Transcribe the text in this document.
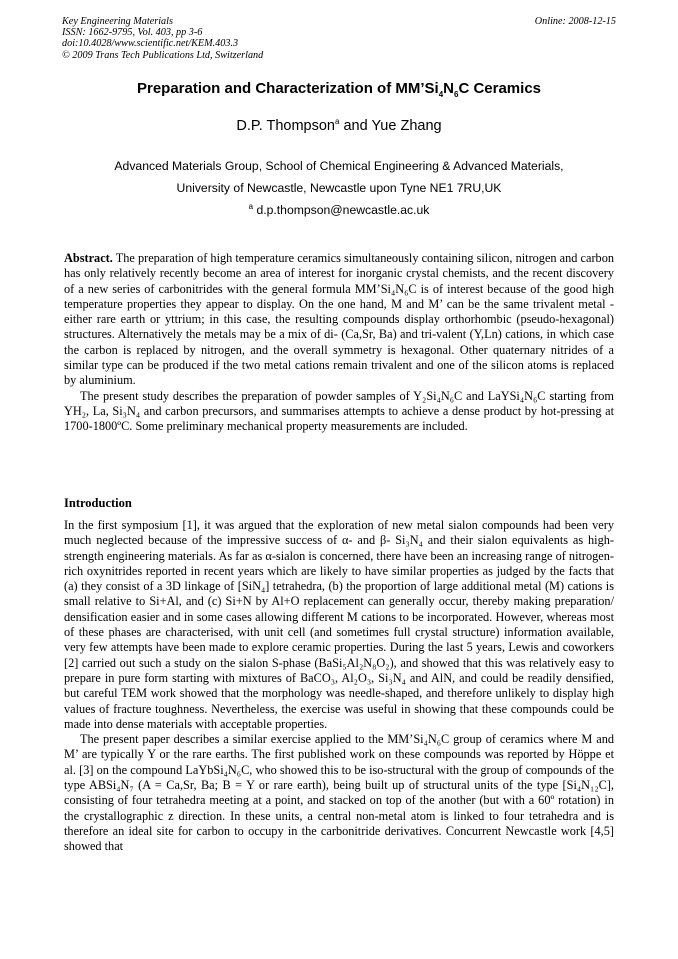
Key Engineering Materials
ISSN: 1662-9795, Vol. 403, pp 3-6
doi:10.4028/www.scientific.net/KEM.403.3
© 2009 Trans Tech Publications Ltd, Switzerland
Online: 2008-12-15
Preparation and Characterization of $MM’Si_4N_6C$ Ceramics
D.P. Thompson$^a$ and Yue Zhang
Advanced Materials Group, School of Chemical Engineering & Advanced Materials,
University of Newcastle, Newcastle upon Tyne NE1 7RU,UK
$^a$ d.p.thompson@newcastle.ac.uk

Abstract. The preparation of high temperature ceramics simultaneously containing silicon, nitrogen and carbon has only relatively recently become an area of interest for inorganic crystal chemists, and the recent discovery of a new series of carbonitrides with the general formula MM’Si₄N₆C is of interest because of the good high temperature properties they appear to display. On the one hand, M and M’ can be the same trivalent metal - either rare earth or yttrium; in this case, the resulting compounds display orthorhombic (pseudo-hexagonal) structures. Alternatively the metals may be a mix of di- (Ca,Sr, Ba) and tri-valent (Y,Ln) cations, in which case the carbon is replaced by nitrogen, and the overall symmetry is hexagonal. Other quaternary nitrides of a similar type can be produced if the two metal cations remain trivalent and one of the silicon atoms is replaced by aluminium.

The present study describes the preparation of powder samples of Y₂Si₄N₆C and LaYSi₄N₆C starting from YH₂, La, Si₃N₄ and carbon precursors, and summarises attempts to achieve a dense product by hot-pressing at 1700-1800ºC. Some preliminary mechanical property measurements are included.

Introduction

In the first symposium [1], it was argued that the exploration of new metal sialon compounds had been very much neglected because of the impressive success of α- and β- Si₃N₄ and their sialon equivalents as high-strength engineering materials. As far as α-sialon is concerned, there have been an increasing range of nitrogen-rich oxynitrides reported in recent years which are likely to have similar properties as judged by the facts that (a) they consist of a 3D linkage of [SiN₄] tetrahedra, (b) the proportion of large additional metal (M) cations is small relative to Si+Al, and (c) Si+N by Al+O replacement can generally occur, thereby making preparation/ densification easier and in some cases allowing different M cations to be incorporated. However, whereas most of these phases are characterised, with unit cell (and sometimes full crystal structure) information available, very few attempts have been made to explore ceramic properties. During the last 5 years, Lewis and coworkers [2] carried out such a study on the sialon S-phase (BaSi₅Al₂N₈O₂), and showed that this was relatively easy to prepare in pure form starting with mixtures of BaCO₃, Al₂O₃, Si₃N₄ and AlN, and could be readily densified, but careful TEM work showed that the morphology was needle-shaped, and therefore unlikely to display high values of fracture toughness. Nevertheless, the exercise was useful in showing that these compounds could be made into dense materials with acceptable properties.

The present paper describes a similar exercise applied to the MM’Si₄N₆C group of ceramics where M and M’ are typically Y or the rare earths. The first published work on these compounds was reported by Höppe et al. [3] on the compound LaYbSi₄N₆C, who showed this to be iso-structural with the group of compounds of the type ABSi₄N₇ (A = Ca,Sr, Ba; B = Y or rare earth), being built up of structural units of the type [Si₄N₁₂C], consisting of four tetrahedra meeting at a point, and stacked on top of the another (but with a 60º rotation) in the crystallographic z direction. In these units, a central non-metal atom is linked to four tetrahedra and is therefore an ideal site for carbon to occupy in the carbonitride derivatives. Concurrent Newcastle work [4,5] showed that
